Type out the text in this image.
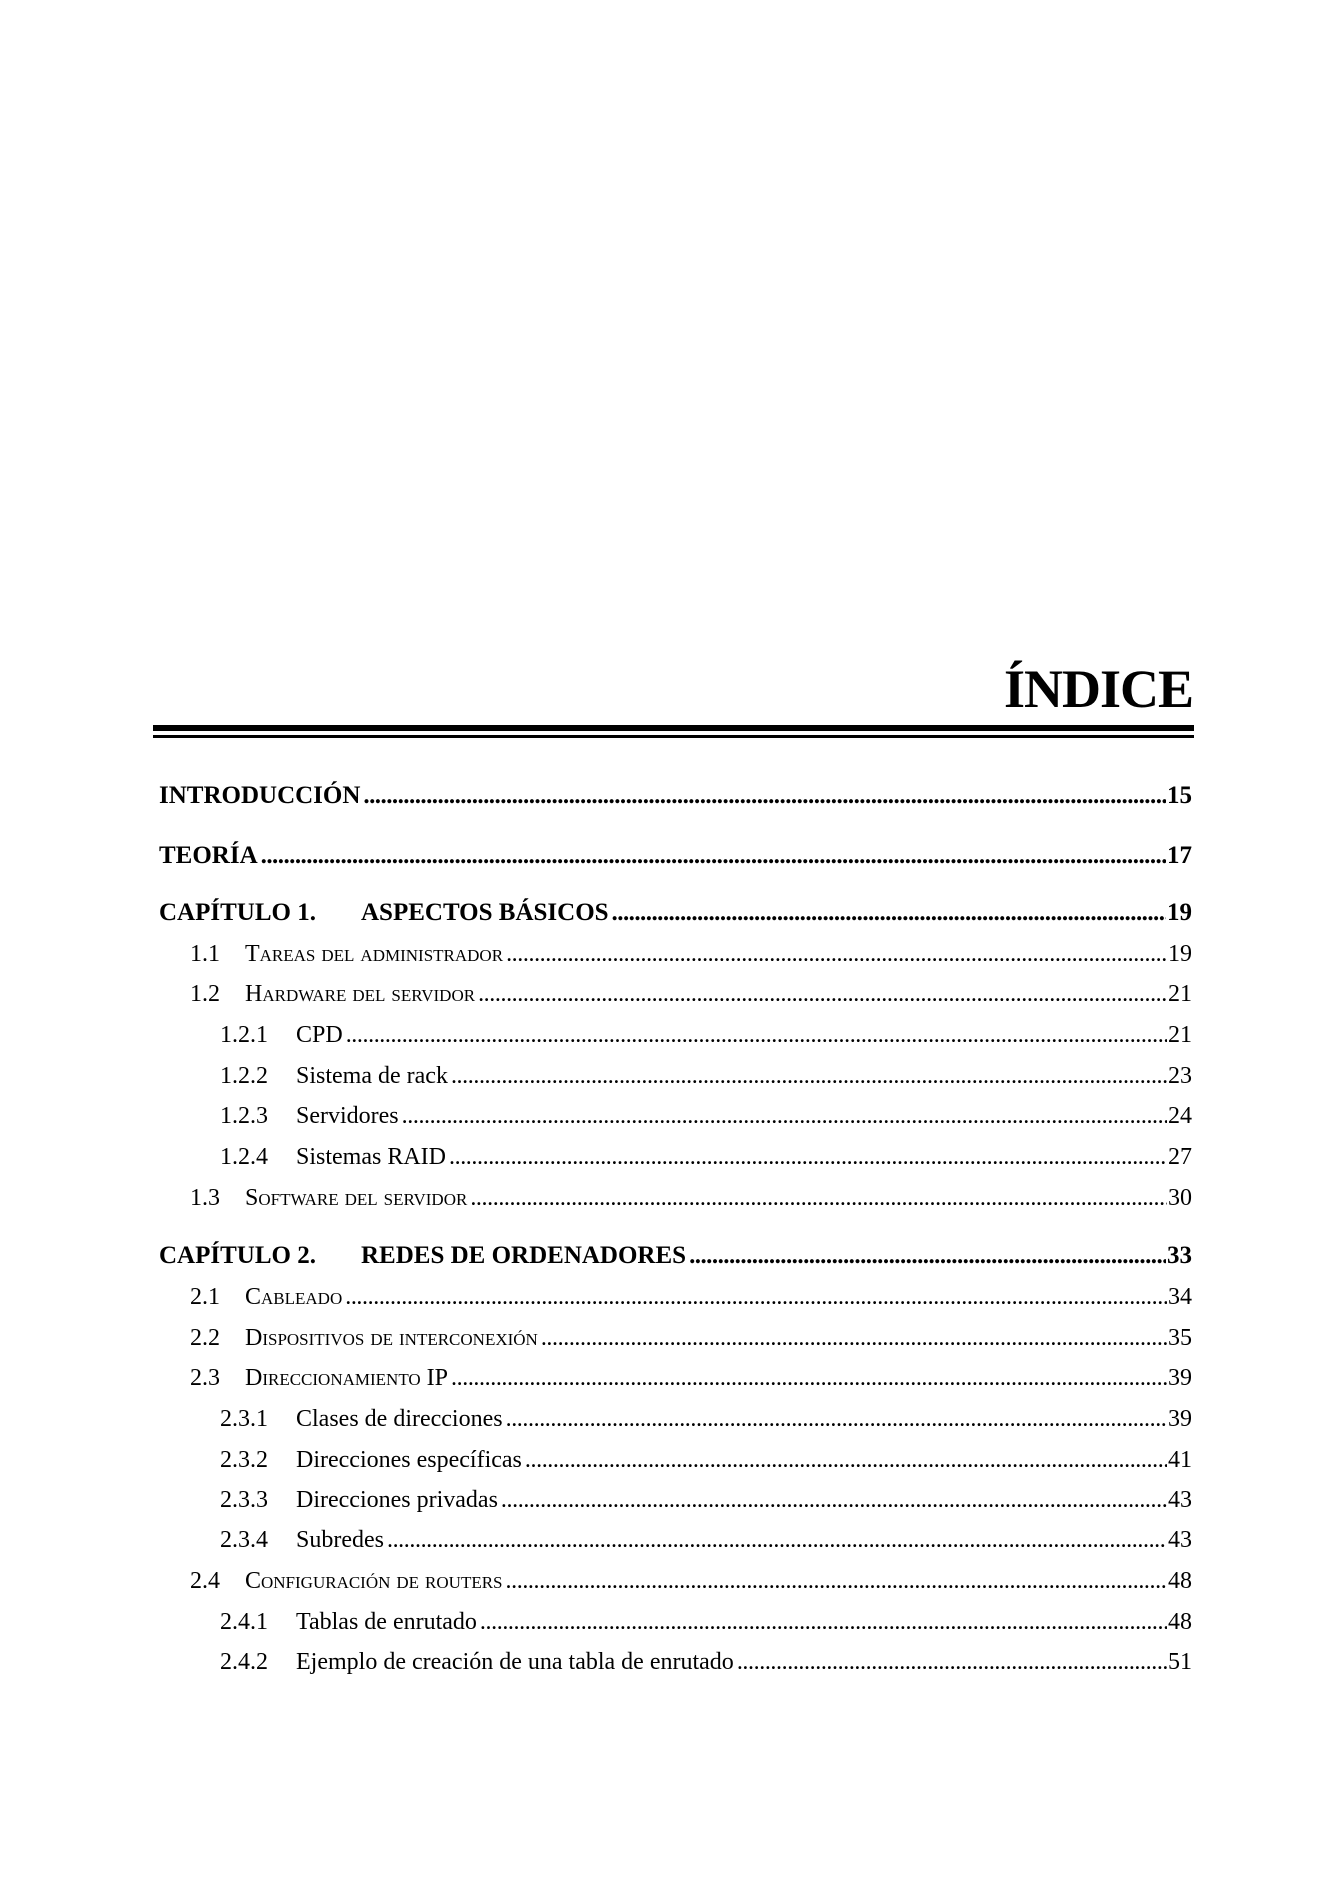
ÍNDICE
INTRODUCCIÓN . . .	15
TEORÍA . . .	17
CAPÍTULO 1.	ASPECTOS BÁSICOS . . .	19
1.1	Tareas del administrador . . .	19
1.2	Hardware del servidor . . .	21
1.2.1	CPD . . .	21
1.2.2	Sistema de rack . . .	23
1.2.3	Servidores . . .	24
1.2.4	Sistemas RAID . . .	27
1.3	Software del servidor . . .	30
CAPÍTULO 2.	REDES DE ORDENADORES . . .	33
2.1	Cableado . . .	34
2.2	Dispositivos de interconexión . . .	35
2.3	Direccionamiento IP . . .	39
2.3.1	Clases de direcciones . . .	39
2.3.2	Direcciones específicas . . .	41
2.3.3	Direcciones privadas . . .	43
2.3.4	Subredes . . .	43
2.4	Configuración de routers . . .	48
2.4.1	Tablas de enrutado . . .	48
2.4.2	Ejemplo de creación de una tabla de enrutado . . .	51
